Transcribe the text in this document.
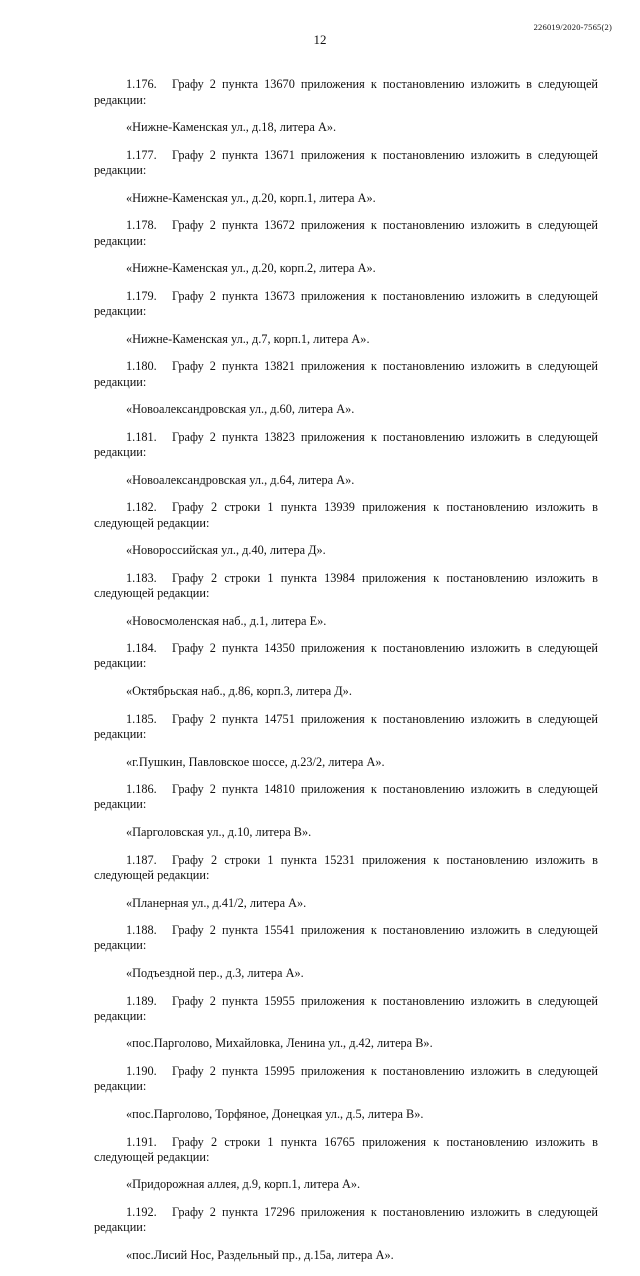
226019/2020-7565(2)
12

1.176. Графу 2 пункта 13670 приложения к постановлению изложить в следующей редакции:

«Нижне-Каменская ул., д.18, литера А».

1.177. Графу 2 пункта 13671 приложения к постановлению изложить в следующей редакции:

«Нижне-Каменская ул., д.20, корп.1, литера А».

1.178. Графу 2 пункта 13672 приложения к постановлению изложить в следующей редакции:

«Нижне-Каменская ул., д.20, корп.2, литера А».

1.179. Графу 2 пункта 13673 приложения к постановлению изложить в следующей редакции:

«Нижне-Каменская ул., д.7, корп.1, литера А».

1.180. Графу 2 пункта 13821 приложения к постановлению изложить в следующей редакции:

«Новоалександровская ул., д.60, литера А».

1.181. Графу 2 пункта 13823 приложения к постановлению изложить в следующей редакции:

«Новоалександровская ул., д.64, литера А».

1.182. Графу 2 строки 1 пункта 13939 приложения к постановлению изложить в следующей редакции:

«Новороссийская ул., д.40, литера Д».

1.183. Графу 2 строки 1 пункта 13984 приложения к постановлению изложить в следующей редакции:

«Новосмоленская наб., д.1, литера Е».

1.184. Графу 2 пункта 14350 приложения к постановлению изложить в следующей редакции:

«Октябрьская наб., д.86, корп.3, литера Д».

1.185. Графу 2 пункта 14751 приложения к постановлению изложить в следующей редакции:

«г.Пушкин, Павловское шоссе, д.23/2, литера А».

1.186. Графу 2 пункта 14810 приложения к постановлению изложить в следующей редакции:

«Парголовская ул., д.10, литера В».

1.187. Графу 2 строки 1 пункта 15231 приложения к постановлению изложить в следующей редакции:

«Планерная ул., д.41/2, литера А».

1.188. Графу 2 пункта 15541 приложения к постановлению изложить в следующей редакции:

«Подъездной пер., д.3, литера А».

1.189. Графу 2 пункта 15955 приложения к постановлению изложить в следующей редакции:

«пос.Парголово, Михайловка, Ленина ул., д.42, литера В».

1.190. Графу 2 пункта 15995 приложения к постановлению изложить в следующей редакции:

«пос.Парголово, Торфяное, Донецкая ул., д.5, литера В».

1.191. Графу 2 строки 1 пункта 16765 приложения к постановлению изложить в следующей редакции:

«Придорожная аллея, д.9, корп.1, литера А».

1.192. Графу 2 пункта 17296 приложения к постановлению изложить в следующей редакции:

«пос.Лисий Нос, Раздельный пр., д.15а, литера А».
